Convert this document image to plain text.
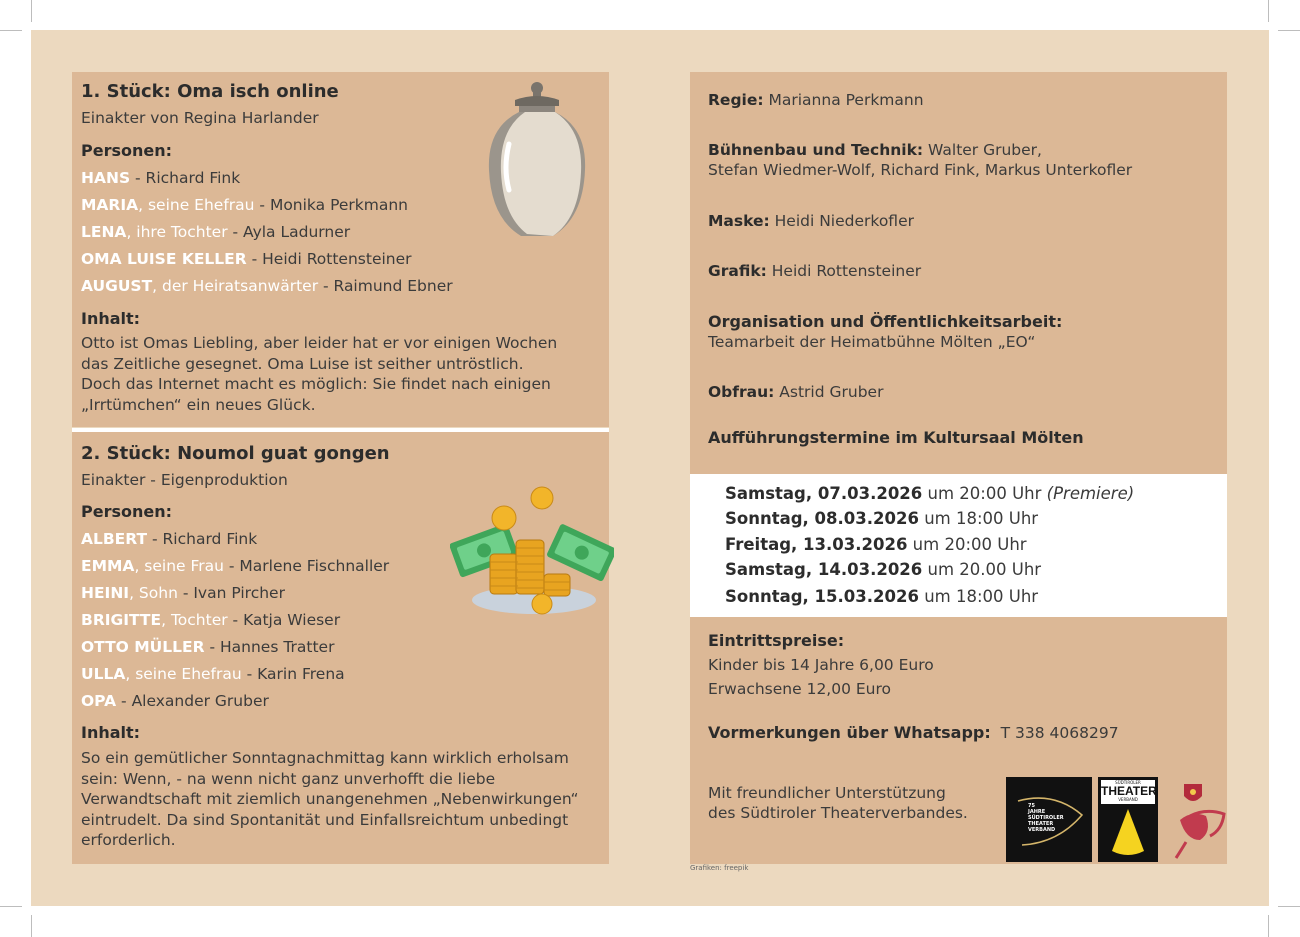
1. Stück: Oma isch online
Einakter von Regina Harlander
Personen:
HANS - Richard Fink
MARIA, seine Ehefrau - Monika Perkmann
LENA, ihre Tochter - Ayla Ladurner
OMA LUISE KELLER - Heidi Rottensteiner
AUGUST, der Heiratsanwärter - Raimund Ebner
Inhalt:
Otto ist Omas Liebling, aber leider hat er vor einigen Wochen
das Zeitliche gesegnet. Oma Luise ist seither untröstlich.
Doch das Internet macht es möglich: Sie findet nach einigen
„Irrtümchen“ ein neues Glück.
2. Stück: Noumol guat gongen
Einakter - Eigenproduktion
Personen:
ALBERT - Richard Fink
EMMA, seine Frau - Marlene Fischnaller
HEINI, Sohn - Ivan Pircher
BRIGITTE, Tochter - Katja Wieser
OTTO MÜLLER - Hannes Tratter
ULLA, seine Ehefrau - Karin Frena
OPA - Alexander Gruber
Inhalt:
So ein gemütlicher Sonntagnachmittag kann wirklich erholsam
sein: Wenn, - na wenn nicht ganz unverhofft die liebe
Verwandtschaft mit ziemlich unangenehmen „Nebenwirkungen“
eintrudelt. Da sind Spontanität und Einfallsreichtum unbedingt
erforderlich.
Regie: Marianna Perkmann
Bühnenbau und Technik: Walter Gruber,
Stefan Wiedmer-Wolf, Richard Fink, Markus Unterkofler
Maske: Heidi Niederkofler
Grafik: Heidi Rottensteiner
Organisation und Öffentlichkeitsarbeit:
Teamarbeit der Heimatbühne Mölten „EO“
Obfrau: Astrid Gruber
Aufführungstermine im Kultursaal Mölten
Samstag, 07.03.2026 um 20:00 Uhr (Premiere)
Sonntag, 08.03.2026 um 18:00 Uhr
Freitag, 13.03.2026 um 20:00 Uhr
Samstag, 14.03.2026 um 20.00 Uhr
Sonntag, 15.03.2026 um 18:00 Uhr
Eintrittspreise:
Kinder bis 14 Jahre 6,00 Euro
Erwachsene 12,00 Euro
Vormerkungen über Whatsapp: T 338 4068297
Mit freundlicher Unterstützung
des Südtiroler Theaterverbandes.
Grafiken: freepik
75
JAHRE
SÜDTIROLER
THEATER
VERBAND
SÜDTIROLER
THEATER
VERBAND
